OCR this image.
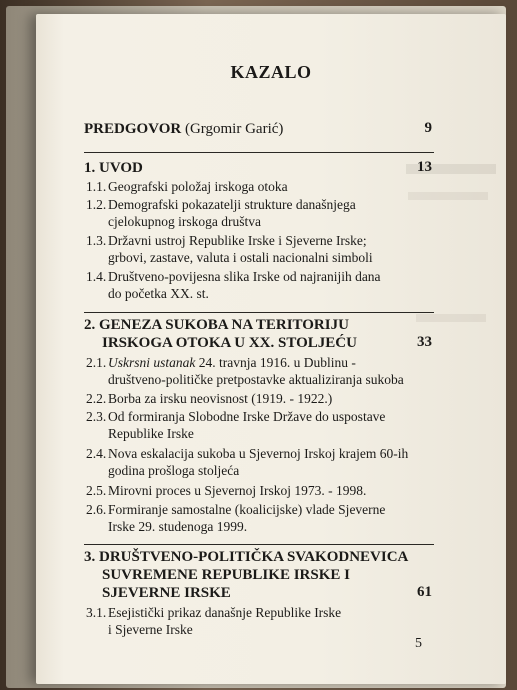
KAZALO
PREDGOVOR (Grgomir Garić)	9
1. UVOD	13
1.1. Geografski položaj irskoga otoka
1.2. Demografski pokazatelji strukture današnjega
cjelokupnog irskoga društva
1.3. Državni ustroj Republike Irske i Sjeverne Irske;
grbovi, zastave, valuta i ostali nacionalni simboli
1.4. Društveno-povijesna slika Irske od najranijih dana
do početka XX. st.
2. GENEZA SUKOBA NA TERITORIJU
IRSKOGA OTOKA U XX. STOLJEĆU	33
2.1. Uskrsni ustanak 24. travnja 1916. u Dublinu -
društveno-političke pretpostavke aktualiziranja sukoba
2.2. Borba za irsku neovisnost (1919. - 1922.)
2.3. Od formiranja Slobodne Irske Države do uspostave
Republike Irske
2.4. Nova eskalacija sukoba u Sjevernoj Irskoj krajem 60-ih
godina prošloga stoljeća
2.5. Mirovni proces u Sjevernoj Irskoj 1973. - 1998.
2.6. Formiranje samostalne (koalicijske) vlade Sjeverne
Irske 29. studenoga 1999.
3. DRUŠTVENO-POLITIČKA SVAKODNEVICA
SUVREMENE REPUBLIKE IRSKE I
SJEVERNE IRSKE	61
3.1. Esejistički prikaz današnje Republike Irske
i Sjeverne Irske
5
